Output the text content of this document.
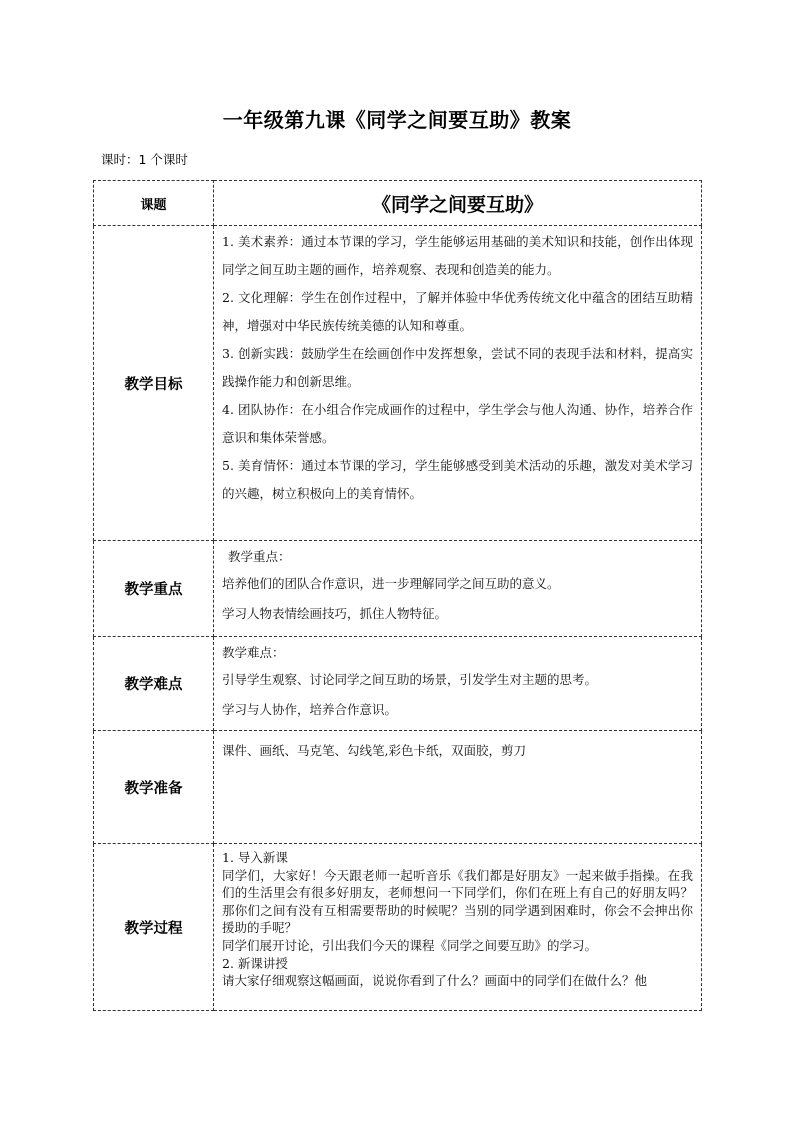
一年级第九课《同学之间要互助》教案
课时：1 个课时
课题	《同学之间要互助》
教学目标	1. 美术素养：通过本节课的学习，学生能够运用基础的美术知识和技能，创作出体现同学之间互助主题的画作，培养观察、表现和创造美的能力。

2. 文化理解：学生在创作过程中，了解并体验中华优秀传统文化中蕴含的团结互助精神，增强对中华民族传统美德的认知和尊重。

3. 创新实践：鼓励学生在绘画创作中发挥想象，尝试不同的表现手法和材料，提高实践操作能力和创新思维。

4. 团队协作：在小组合作完成画作的过程中，学生学会与他人沟通、协作，培养合作意识和集体荣誉感。

5. 美育情怀：通过本节课的学习，学生能够感受到美术活动的乐趣，激发对美术学习的兴趣，树立积极向上的美育情怀。

教学重点	教学重点：

培养他们的团队合作意识，进一步理解同学之间互助的意义。

学习人物表情绘画技巧，抓住人物特征。

教学难点	教学难点：

引导学生观察、讨论同学之间互助的场景，引发学生对主题的思考。

学习与人协作，培养合作意识。

教学准备	课件、画纸、马克笔、勾线笔,彩色卡纸，双面胶，剪刀

教学过程	1. 导入新课

同学们，大家好！今天跟老师一起听音乐《我们都是好朋友》一起来做手指操。在我们的生活里会有很多好朋友，老师想问一下同学们，你们在班上有自己的好朋友吗？那你们之间有没有互相需要帮助的时候呢？当别的同学遇到困难时，你会不会抻出你援助的手呢？

同学们展开讨论，引出我们今天的课程《同学之间要互助》的学习。

2. 新课讲授

请大家仔细观察这幅画面，说说你看到了什么？画面中的同学们在做什么？他
